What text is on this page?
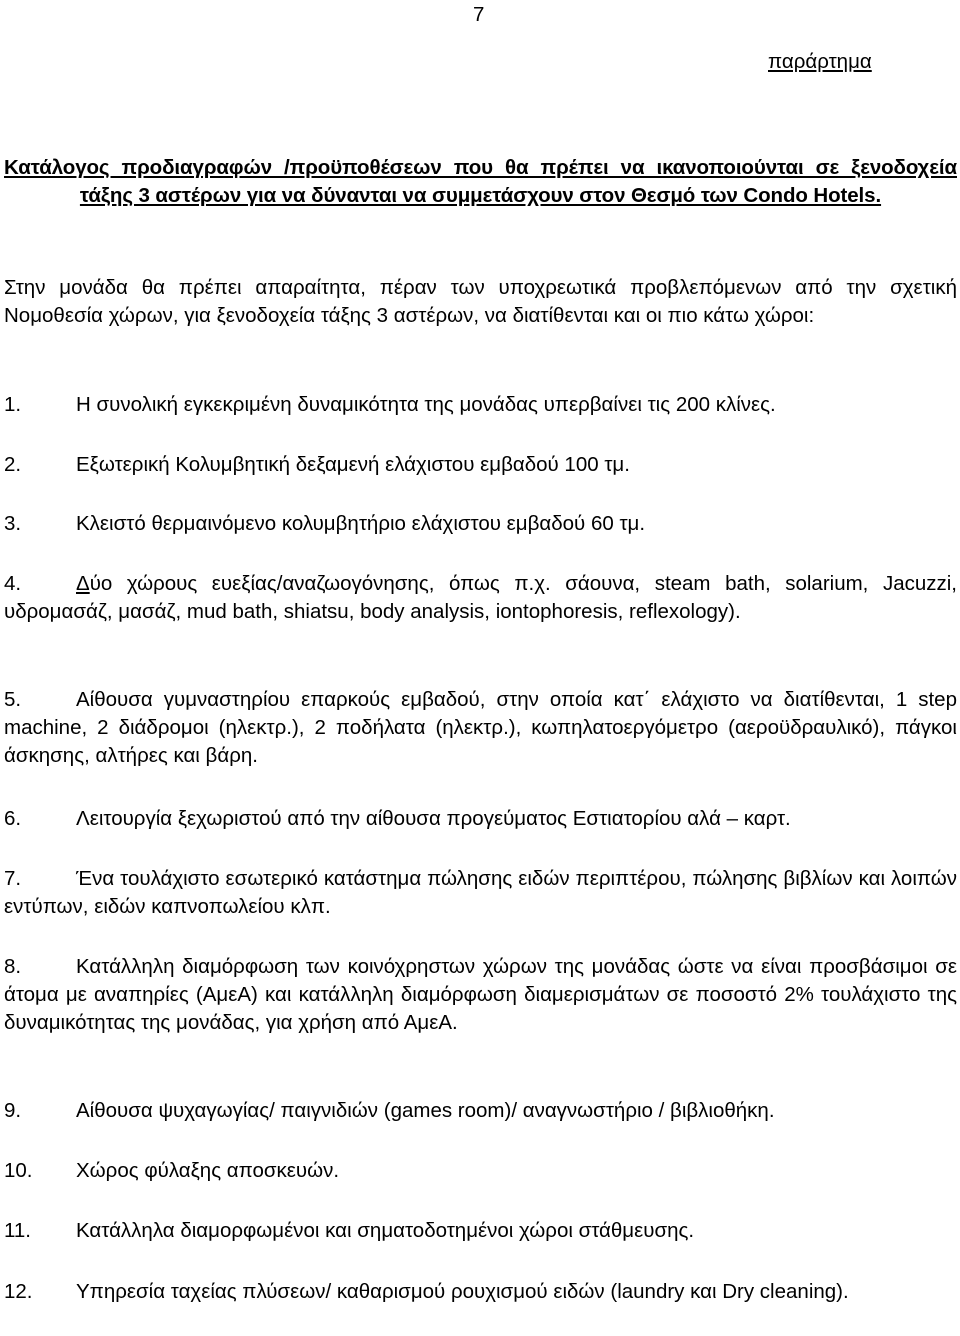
7
παράρτημα
Κατάλογος προδιαγραφών /προϋποθέσεων που θα πρέπει να ικανοποιούνται σε ξενοδοχεία τάξης 3 αστέρων για να δύνανται να συμμετάσχουν στον Θεσμό των Condo Hotels.
Στην μονάδα θα πρέπει απαραίτητα, πέραν των υποχρεωτικά προβλεπόμενων από την σχετική Νομοθεσία χώρων, για ξενοδοχεία τάξης 3 αστέρων, να διατίθενται και οι πιο κάτω χώροι:
1.	Η συνολική εγκεκριμένη δυναμικότητα της μονάδας υπερβαίνει τις 200 κλίνες.
2.	Εξωτερική Κολυμβητική δεξαμενή ελάχιστου εμβαδού 100 τμ.
3.	Κλειστό θερμαινόμενο κολυμβητήριο ελάχιστου εμβαδού 60 τμ.
4.	Δύο χώρους ευεξίας/αναζωογόνησης, όπως π.χ. σάουνα, steam bath, solarium, Jacuzzi, υδρομασάζ, μασάζ, mud bath, shiatsu, body analysis, iontophoresis, reflexology).
5.	Αίθουσα γυμναστηρίου επαρκούς εμβαδού, στην οποία κατ΄ ελάχιστο να διατίθενται, 1 step machine, 2 διάδρομοι (ηλεκτρ.), 2 ποδήλατα (ηλεκτρ.), κωπηλατοεργόμετρο (αεροϋδραυλικό), πάγκοι άσκησης, αλτήρες και βάρη.
6.	Λειτουργία ξεχωριστού από την αίθουσα προγεύματος Εστιατορίου αλά – καρτ.
7.	Ένα τουλάχιστο εσωτερικό κατάστημα πώλησης ειδών περιπτέρου, πώλησης βιβλίων και λοιπών εντύπων, ειδών καπνοπωλείου κλπ.
8.	Κατάλληλη διαμόρφωση των κοινόχρηστων χώρων της μονάδας ώστε να είναι προσβάσιμοι σε άτομα με αναπηρίες (ΑμεΑ) και κατάλληλη διαμόρφωση διαμερισμάτων σε ποσοστό 2% τουλάχιστο της δυναμικότητας της μονάδας, για χρήση από ΑμεΑ.
9.	Αίθουσα ψυχαγωγίας/ παιγνιδιών (games room)/ αναγνωστήριο / βιβλιοθήκη.
10. Χώρος φύλαξης αποσκευών.
11. Κατάλληλα διαμορφωμένοι και σηματοδοτημένοι χώροι στάθμευσης.
12. Υπηρεσία ταχείας πλύσεων/ καθαρισμού ρουχισμού ειδών (laundry και Dry cleaning).
